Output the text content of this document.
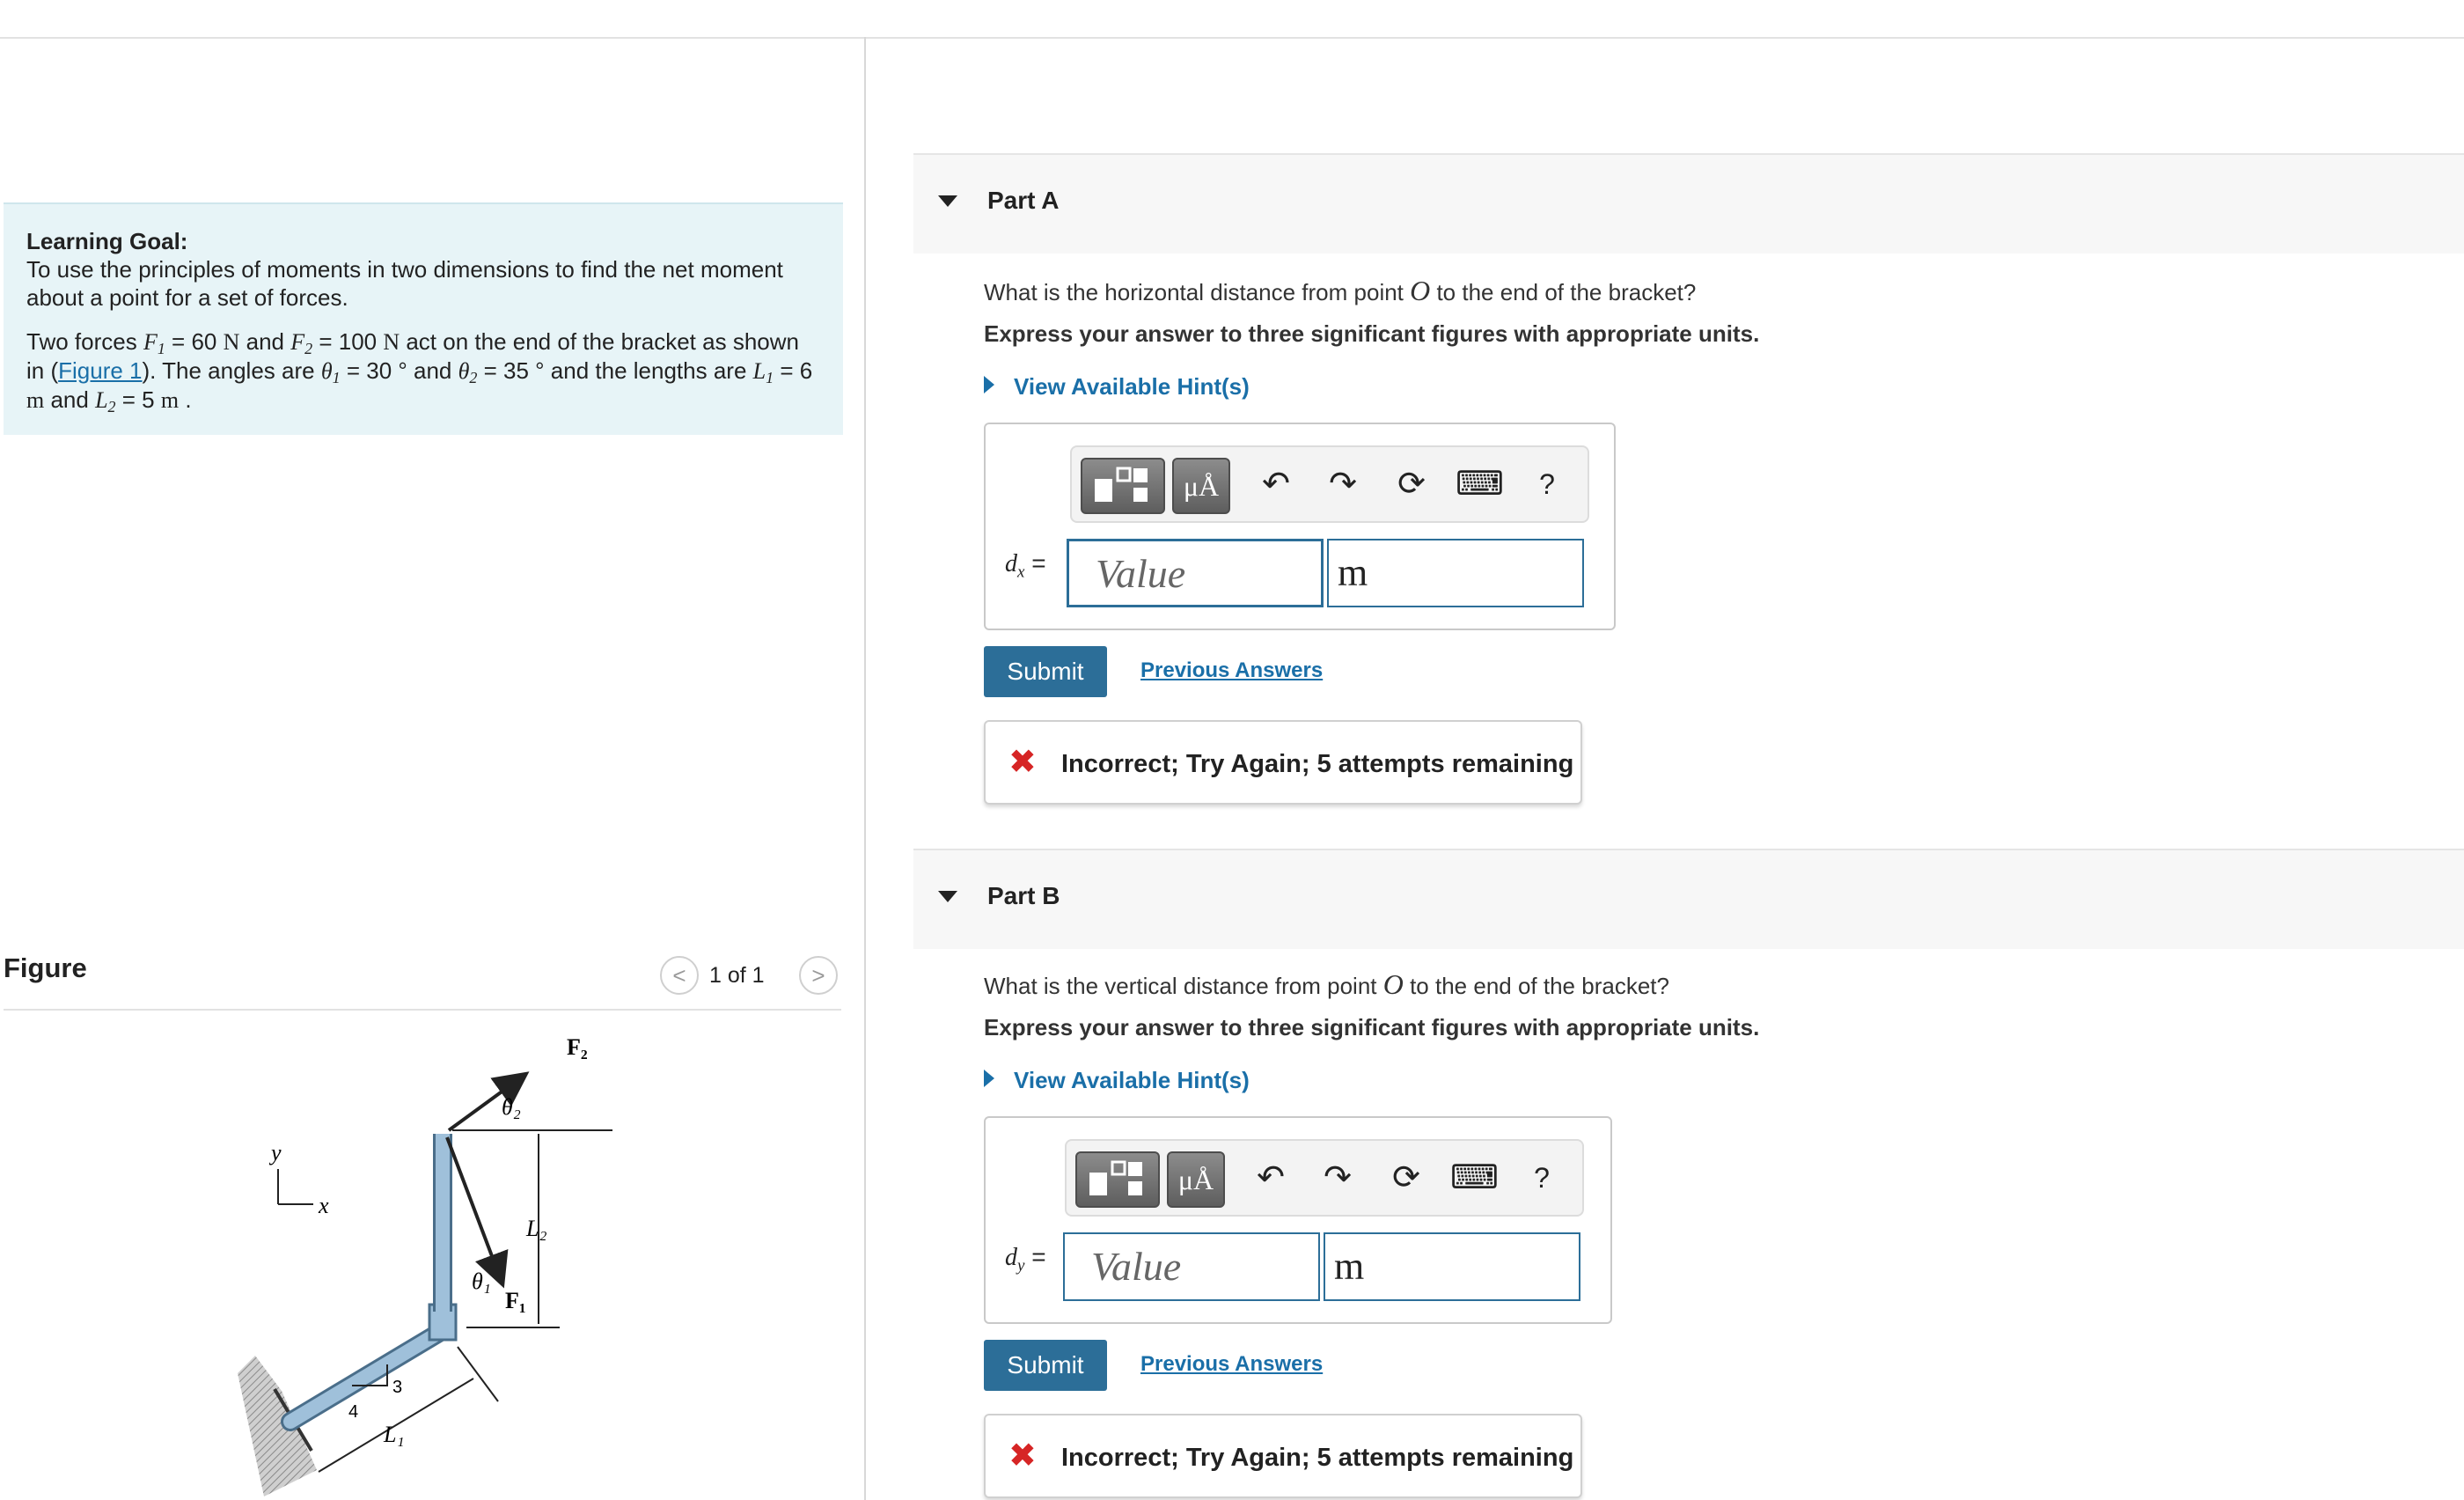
Learning Goal:

To use the principles of moments in two dimensions to find the net moment about a point for a set of forces.

Two forces $F_1 = 60$ N and $F_2 = 100$ N act on the end of the bracket as shown in (Figure 1). The angles are $\theta_1 = 30$ ° and $\theta_2 = 35$ ° and the lengths are $L_1 = 6$ m and $L_2 = 5$ m .

Figure	< 1 of 1 >
y
x
L₂
F₂
θ₂
θ₁
F₁
3
4
L₁
Part A
What is the horizontal distance from point O to the end of the bracket?
Express your answer to three significant figures with appropriate units.
View Available Hint(s)
μÅ	↶ ↷ ⟳ ⌨	?
$d_x$ =	Value	m
Submit	Previous Answers
✖ Incorrect; Try Again; 5 attempts remaining
Part B
What is the vertical distance from point O to the end of the bracket?
Express your answer to three significant figures with appropriate units.
View Available Hint(s)
μÅ	↶ ↷ ⟳ ⌨	?
$d_y$ =	Value	m
Submit	Previous Answers
✖ Incorrect; Try Again; 5 attempts remaining
